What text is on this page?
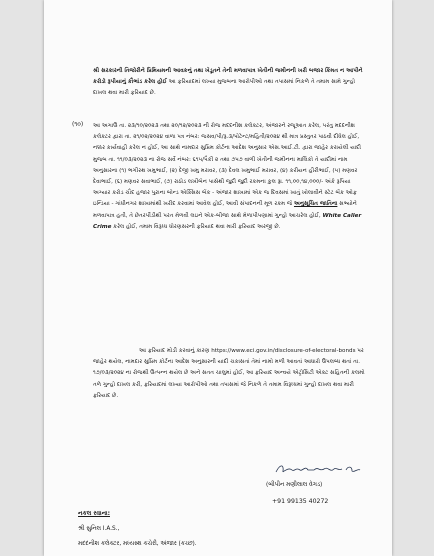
શ્રી સરકારની તિજોરીને પ્રિમિયમની આવકનું તથા ખેડૂતને તેની મળવાપાત્ર ખેતીની જમીનની ખરી બજાર કિંમત ન આપીને કરોડો રૂપીયાનું કૌભાંડ કરેલ હોઈ આ ફરિયાદમાં લખ્યા મુજબના આરોપીઓ તથા તપાસમાં નિકળે તે તમામ સામે ગુન્હો દાખલ થવા મારી ફરિયાદ છે.

(૧૦) આ અગાઉ તા. ૨૩/૧૦/૨૦૨૩ તથા ૨૦/૧૨/૨૦૨૩ ની રોજ મદદનીશ કલેક્ટર, અંજારને રજૂઆત કરેલ, પરંતુ મદદનીશ કલેક્ટર દ્વારા તા. ૨૧/૦૨/૨૦૨૪ વાળા પત્ર નંબર: જસવ/પી/રૂ.૩/પોટેન્ટ/મહિતી/૨૦૨૪ થી માત્ર પ્રસ્તુતર પાઠવી દીધેલ હોઈ, નક્કર કાર્યવાહી કરેલ ન હોઈ, આ સાથે નામદાર સુપ્રિમ કોર્ટના આદેશ અનુસાર એસ.આઈ.ટી. દ્વારા જાહેર કરાયેલી યાદી મુજબ તા. ૧૧/૦૩/૨૦૨૩ ના રોજ સર્વે નંબર: ૬૧૫/પૈકી ૨ તથા ૭૫૭ વાળી ખેતીની જમીનના માલિકો તે યાદીમાં નામ અનુસારના (૧) ભગીરથ ખમુભાઈ, (૨) દેજી ખમુ મરાવર, (૩) દેવલ ખમુભાઈ મરાવર, (૪) કરીયન હીરીભાઈ, (૫) મણવર દેવાભાઈ, (૬) મણવર સવાભાઈ, (૭) રાઠોડ લખીબેન પાસેથી જુદી જુદી રકમના કુલ રૂા. ૧૧,૦૦,૧૪,૦૦૦/- અંકે રૂપિયા અગ્યાર કરોડ ચૌદ હજાર પુરાના બોન્ડ એક્સિસ બેંક - અંજાર શાખામાં એક જ દિવસમાં ખાતું ખોલાવીને સ્ટેટ બેંક ઓફ ઇન્ડિયા - ગાંધીનગર શાખામાંથી ખરીદ કરવામાં આવેલ હોઈ, આવી સંપાદનની મૂળ રકમ જે અનુસૂચિત જાતિના સભ્યોને મળવાપાત્ર હતી, તે છેતરપીંડીથી પરત મેળવી લઇને એક-બીજા સાથે મેળાપીપણામાં ગુન્હો આચરેલ હોઈ, White Caller Crime કરેલ હોઈ, તમામ વિરૂધ્ધ ધોરણસરની ફરિયાદ થવા મારી ફરિયાદ અરજી છે.

આ ફરિયાદ મોડી કરવાનું કારણ https://www.eci.gov.in/disclosure-of-electoral-bonds પર જાહેર થયેલ, નામદાર સુપ્રિમ કોર્ટના આદેશ અનુસારની યાદી ચકાસતાં તેમાં નામો મળી આવતાં આધારો ઉપલબ્ધ થતાં તા. ૧૭/૦૩/૨૦૨૪ ના રોજથી ઉત્પન્ન થયેલ છે અને સતત ચાલુમાં હોઈ, આ ફરિયાદ અન્વયે એટ્રોસિટી એક્ટ સહિતની કલમો તળે ગુન્હો દાખલ કરી, ફરિયાદમાં લખ્યા આરોપીઓ તથા તપાસમાં જે નિકળે તે તમામ વિરૂધ્ધમાં ગુન્હો દાખલ થવા મારી ફરિયાદ છે.

(બીપીન મણીલાલ વેગડ)
+91 99135 40272
નકલ રવાના:
શ્રી સુનિલ I.A.S.,
મદદનીશ કલેક્ટર, મધ્યસ્થ કચેરી, અંજાર (કચ્છ).
